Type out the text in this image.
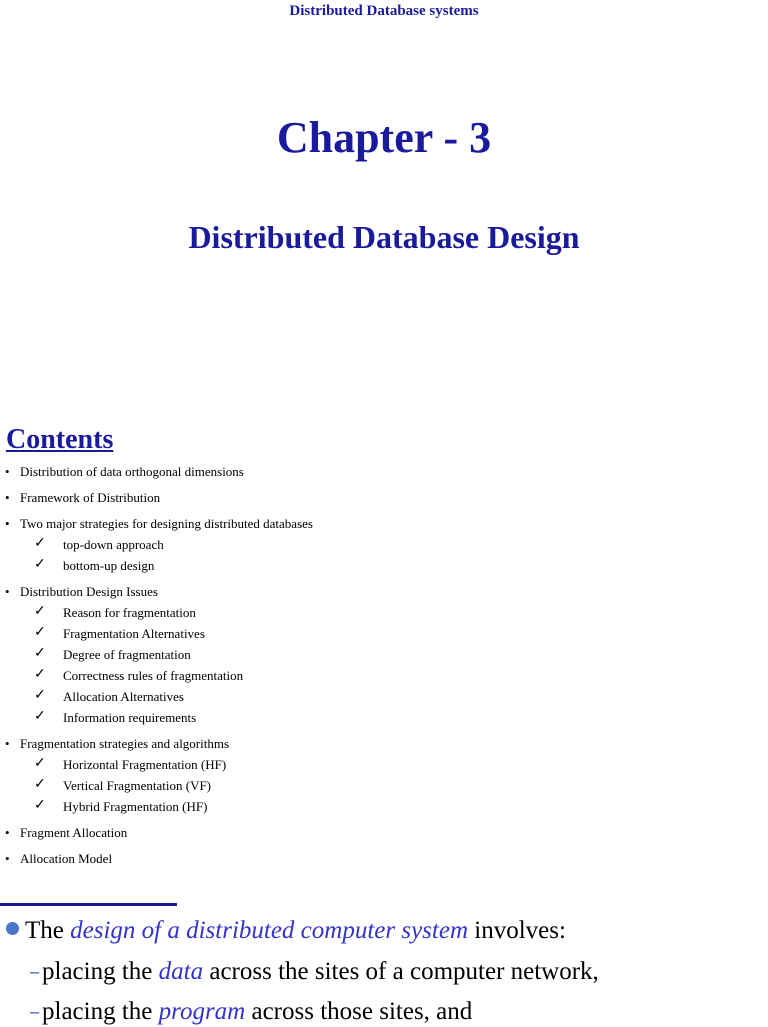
Distributed Database systems
Chapter - 3
Distributed Database Design
Contents
• Distribution of data orthogonal dimensions
• Framework of Distribution
• Two major strategies for designing distributed databases
✓ top-down approach
✓ bottom-up design
• Distribution Design Issues
✓ Reason for fragmentation
✓ Fragmentation Alternatives
✓ Degree of fragmentation
✓ Correctness rules of fragmentation
✓ Allocation Alternatives
✓ Information requirements
• Fragmentation strategies and algorithms
✓ Horizontal Fragmentation (HF)
✓ Vertical Fragmentation (VF)
✓ Hybrid Fragmentation (HF)
• Fragment Allocation
• Allocation Model
The design of a distributed computer system involves:
– placing the data across the sites of a computer network,
– placing the program across those sites, and
